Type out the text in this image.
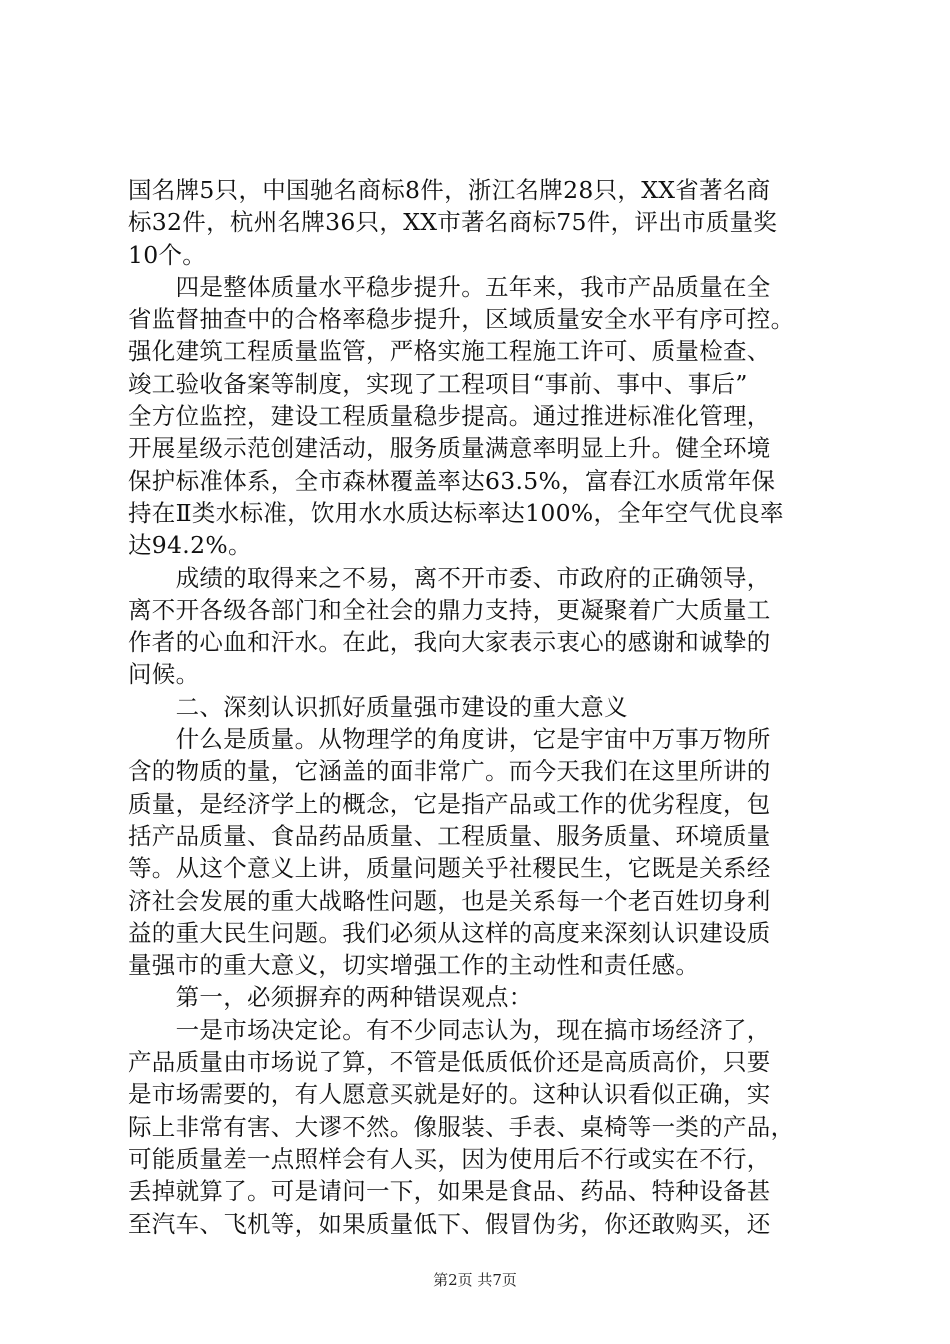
国名牌5只，中国驰名商标8件，浙江名牌28只，XX省著名商
标32件，杭州名牌36只，XX市著名商标75件，评出市质量奖
10个。
　　四是整体质量水平稳步提升。五年来，我市产品质量在全
省监督抽查中的合格率稳步提升，区域质量安全水平有序可控。
强化建筑工程质量监管，严格实施工程施工许可、质量检查、
竣工验收备案等制度，实现了工程项目“事前、事中、事后”
全方位监控，建设工程质量稳步提高。通过推进标准化管理，
开展星级示范创建活动，服务质量满意率明显上升。健全环境
保护标准体系，全市森林覆盖率达63.5%，富春江水质常年保
持在Ⅱ类水标准，饮用水水质达标率达100%，全年空气优良率
达94.2%。
　　成绩的取得来之不易，离不开市委、市政府的正确领导，
离不开各级各部门和全社会的鼎力支持，更凝聚着广大质量工
作者的心血和汗水。在此，我向大家表示衷心的感谢和诚挚的
问候。
　　二、深刻认识抓好质量强市建设的重大意义
　　什么是质量。从物理学的角度讲，它是宇宙中万事万物所
含的物质的量，它涵盖的面非常广。而今天我们在这里所讲的
质量，是经济学上的概念，它是指产品或工作的优劣程度，包
括产品质量、食品药品质量、工程质量、服务质量、环境质量
等。从这个意义上讲，质量问题关乎社稷民生，它既是关系经
济社会发展的重大战略性问题，也是关系每一个老百姓切身利
益的重大民生问题。我们必须从这样的高度来深刻认识建设质
量强市的重大意义，切实增强工作的主动性和责任感。
　　第一，必须摒弃的两种错误观点：
　　一是市场决定论。有不少同志认为，现在搞市场经济了，
产品质量由市场说了算，不管是低质低价还是高质高价，只要
是市场需要的，有人愿意买就是好的。这种认识看似正确，实
际上非常有害、大谬不然。像服装、手表、桌椅等一类的产品，
可能质量差一点照样会有人买，因为使用后不行或实在不行，
丢掉就算了。可是请问一下，如果是食品、药品、特种设备甚
至汽车、飞机等，如果质量低下、假冒伪劣，你还敢购买，还
第2页 共7页
